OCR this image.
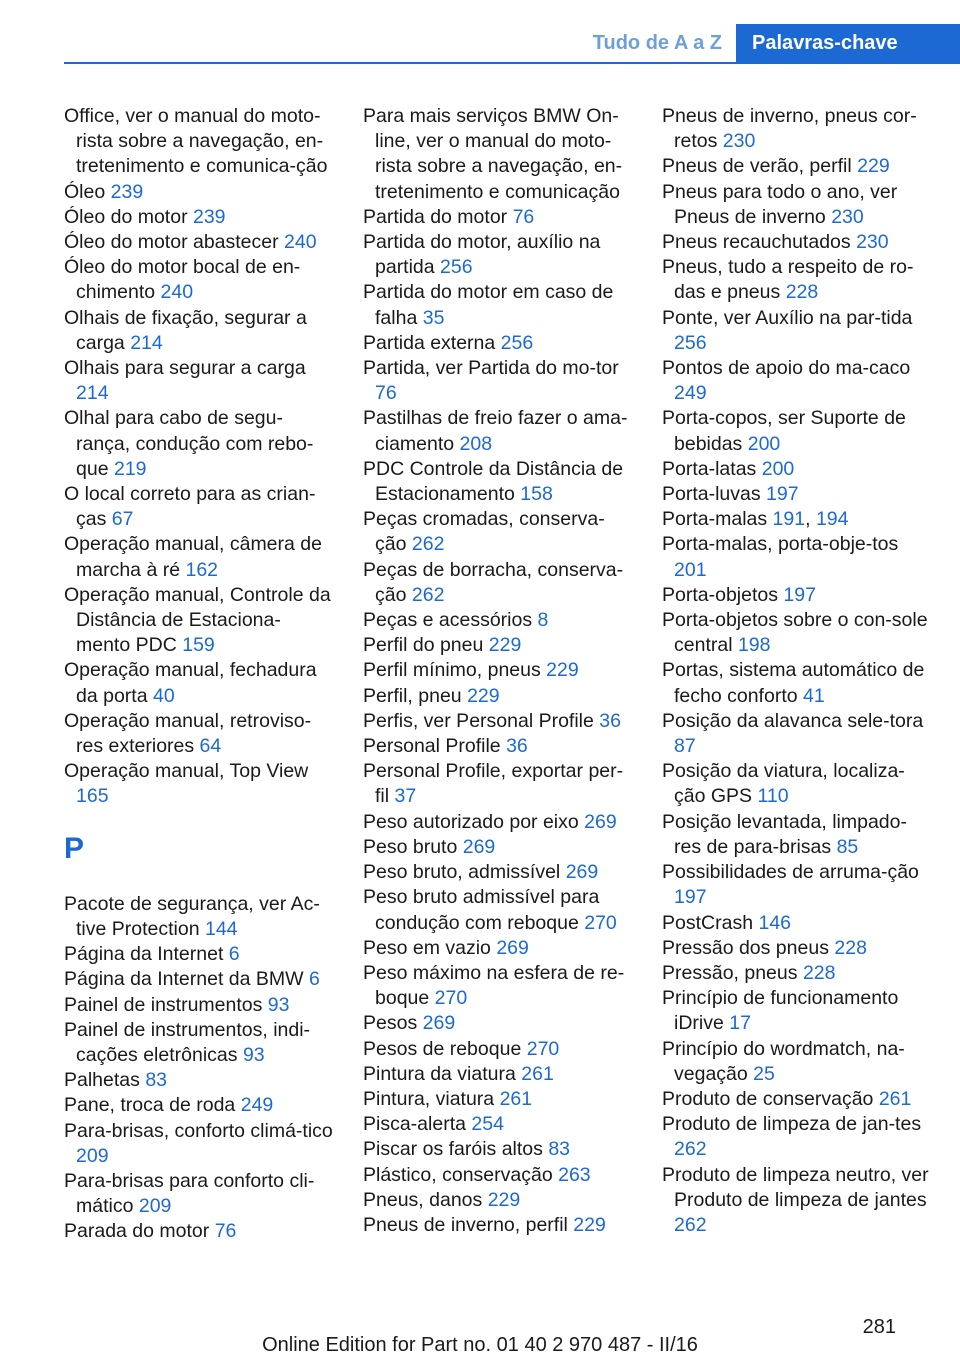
Tudo de A a Z	Palavras-chave

Office, ver o manual do moto-rista sobre a navegação, en-tretenimento e comunica-ção

Óleo 239

Óleo do motor 239

Óleo do motor abastecer 240

Óleo do motor bocal de en-chimento 240

Olhais de fixação, segurar a carga 214

Olhais para segurar a carga 214

Olhal para cabo de segu-rança, condução com rebo-que 219

O local correto para as crian-ças 67

Operação manual, câmera de marcha à ré 162

Operação manual, Controle da Distância de Estaciona-mento PDC 159

Operação manual, fechadura da porta 40

Operação manual, retroviso-res exteriores 64

Operação manual, Top View 165

P

Pacote de segurança, ver Ac-tive Protection 144

Página da Internet 6

Página da Internet da BMW 6

Painel de instrumentos 93

Painel de instrumentos, indi-cações eletrônicas 93

Palhetas 83

Pane, troca de roda 249

Para-brisas, conforto climá-tico 209

Para-brisas para conforto cli-mático 209

Parada do motor 76

Para mais serviços BMW On-line, ver o manual do moto-rista sobre a navegação, en-tretenimento e comunicação

Partida do motor 76

Partida do motor, auxílio na partida 256

Partida do motor em caso de falha 35

Partida externa 256

Partida, ver Partida do mo-tor 76

Pastilhas de freio fazer o ama-ciamento 208

PDC Controle da Distância de Estacionamento 158

Peças cromadas, conserva-ção 262

Peças de borracha, conserva-ção 262

Peças e acessórios 8

Perfil do pneu 229

Perfil mínimo, pneus 229

Perfil, pneu 229

Perfis, ver Personal Profile 36

Personal Profile 36

Personal Profile, exportar per-fil 37

Peso autorizado por eixo 269

Peso bruto 269

Peso bruto, admissível 269

Peso bruto admissível para condução com reboque 270

Peso em vazio 269

Peso máximo na esfera de re-boque 270

Pesos 269

Pesos de reboque 270

Pintura da viatura 261

Pintura, viatura 261

Pisca-alerta 254

Piscar os faróis altos 83

Plástico, conservação 263

Pneus, danos 229

Pneus de inverno, perfil 229

Pneus de inverno, pneus cor-retos 230

Pneus de verão, perfil 229

Pneus para todo o ano, ver Pneus de inverno 230

Pneus recauchutados 230

Pneus, tudo a respeito de ro-das e pneus 228

Ponte, ver Auxílio na par-tida 256

Pontos de apoio do ma-caco 249

Porta-copos, ser Suporte de bebidas 200

Porta-latas 200

Porta-luvas 197

Porta-malas 191, 194

Porta-malas, porta-obje-tos 201

Porta-objetos 197

Porta-objetos sobre o con-sole central 198

Portas, sistema automático de fecho conforto 41

Posição da alavanca sele-tora 87

Posição da viatura, localiza-ção GPS 110

Posição levantada, limpado-res de para-brisas 85

Possibilidades de arruma-ção 197

PostCrash 146

Pressão dos pneus 228

Pressão, pneus 228

Princípio de funcionamento iDrive 17

Princípio do wordmatch, na-vegação 25

Produto de conservação 261

Produto de limpeza de jan-tes 262

Produto de limpeza neutro, ver Produto de limpeza de jantes 262

281
Online Edition for Part no. 01 40 2 970 487 - II/16
